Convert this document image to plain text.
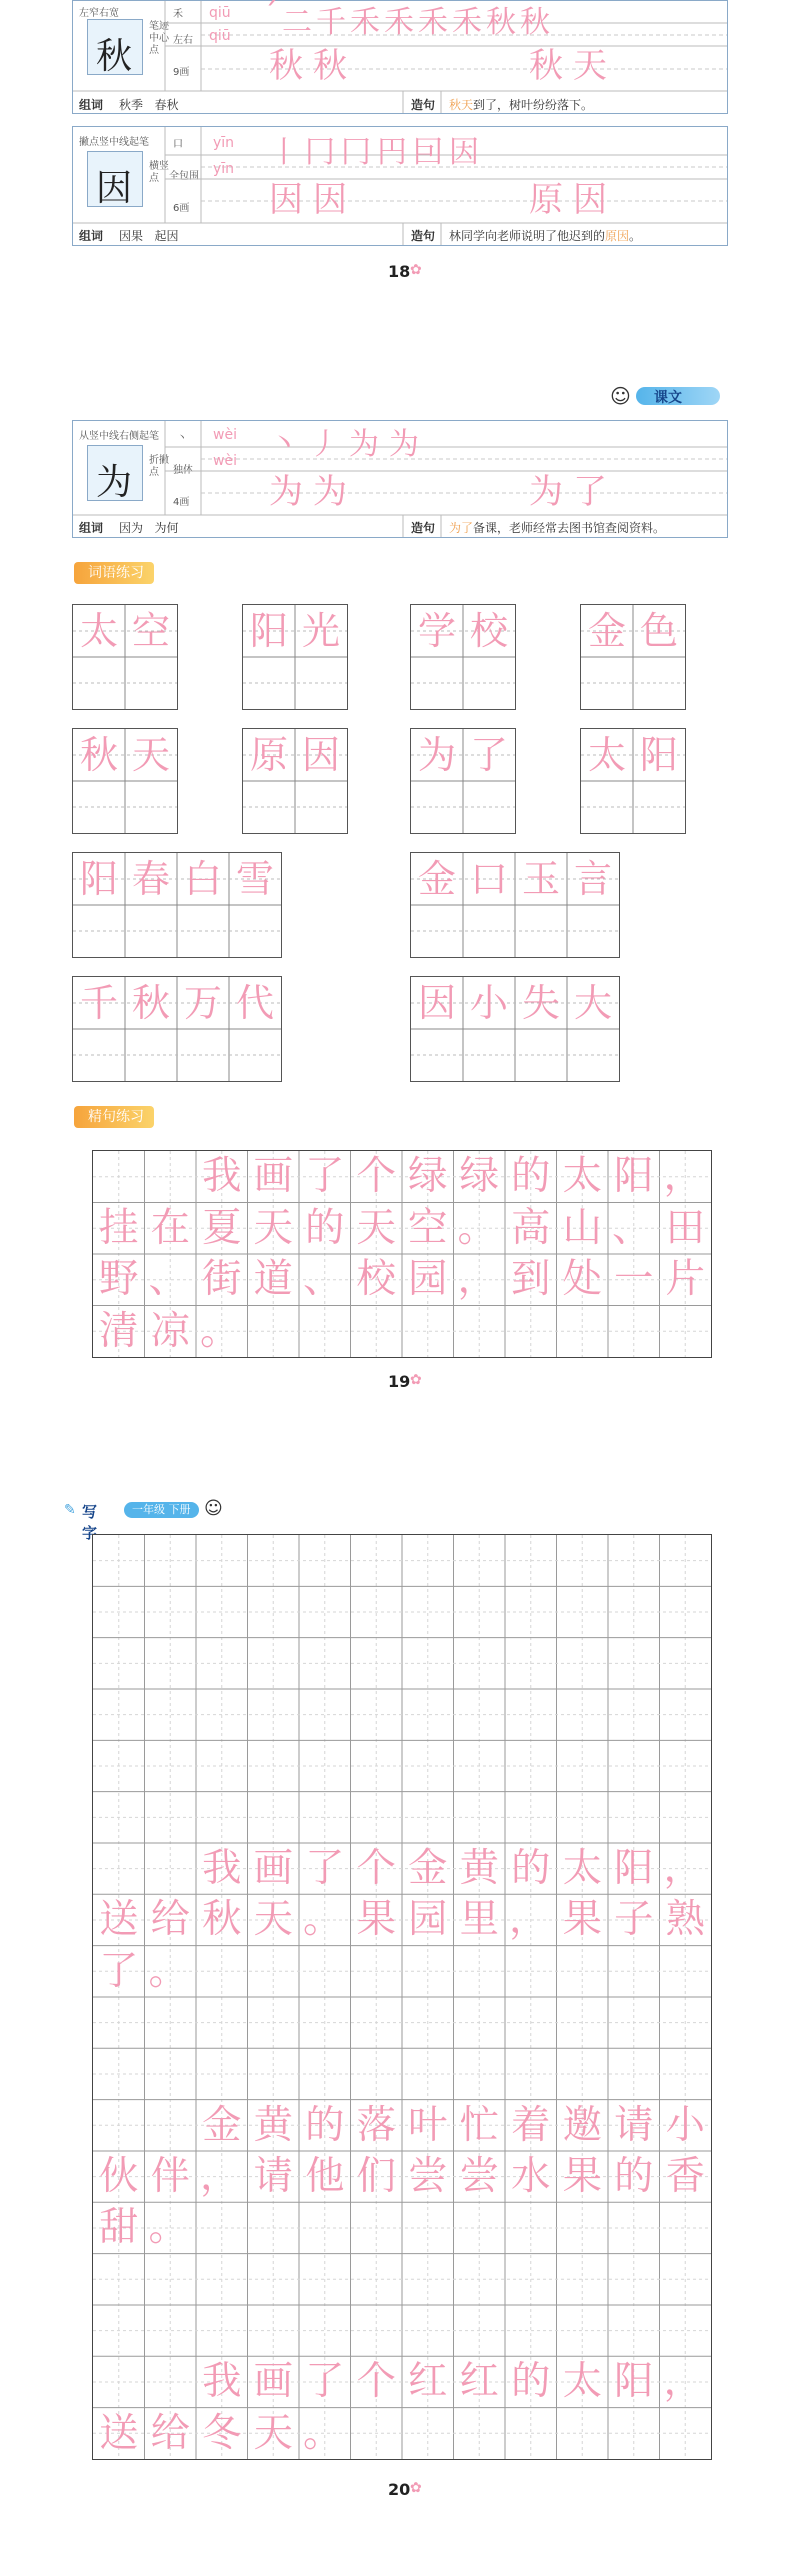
左窄右宽
秋
笔迹中心点
禾
左右
9画
qiū
qiū
ˊ 二 千 禾 禾 禾 禾 秋 秋
秋 秋	秋 天
组词 秋季   春秋	造句 秋天到了，树叶纷纷落下。
撇点竖中线起笔
因
横竖点
口
全包围
6画
yīn
yīn 丨 冂 冂 円 囙 因
因 因	原 因
组词 因果   起因	造句 林同学向老师说明了他迟到的原因。
18 ✿
☺ 课文
从竖中线右侧起笔
为
折撇点
丶
独体
4画
wèi
wèi 丶 丿 为 为
为 为	为 了
组词 因为   为何	造句 为了备课，老师经常去图书馆查阅资料。
词语练习
太 空 阳 光 学 校 金 色
秋 天 原 因 为 了 太 阳
阳 春 白 雪	金 口 玉 言
千 秋 万 代	因 小 失 大
精句练习
我 画 了 个 绿 绿 的 太 阳 ，
挂 在 夏 天 的 天 空 。 高 山 、 田
野 、 街 道 、 校 园 ， 到 处 一 片
清 凉 。
19 ✿
✎ 写字
一年级 下册 ☺
我 画 了 个 金 黄 的 太 阳 ，
送 给 秋 天 。 果 园 里 ， 果 子 熟
了 。
金 黄 的 落 叶 忙 着 邀 请 小
伙 伴 ， 请 他 们 尝 尝 水 果 的 香
甜 。
我 画 了 个 红 红 的 太 阳 ，
送 给 冬 天 。
20 ✿
